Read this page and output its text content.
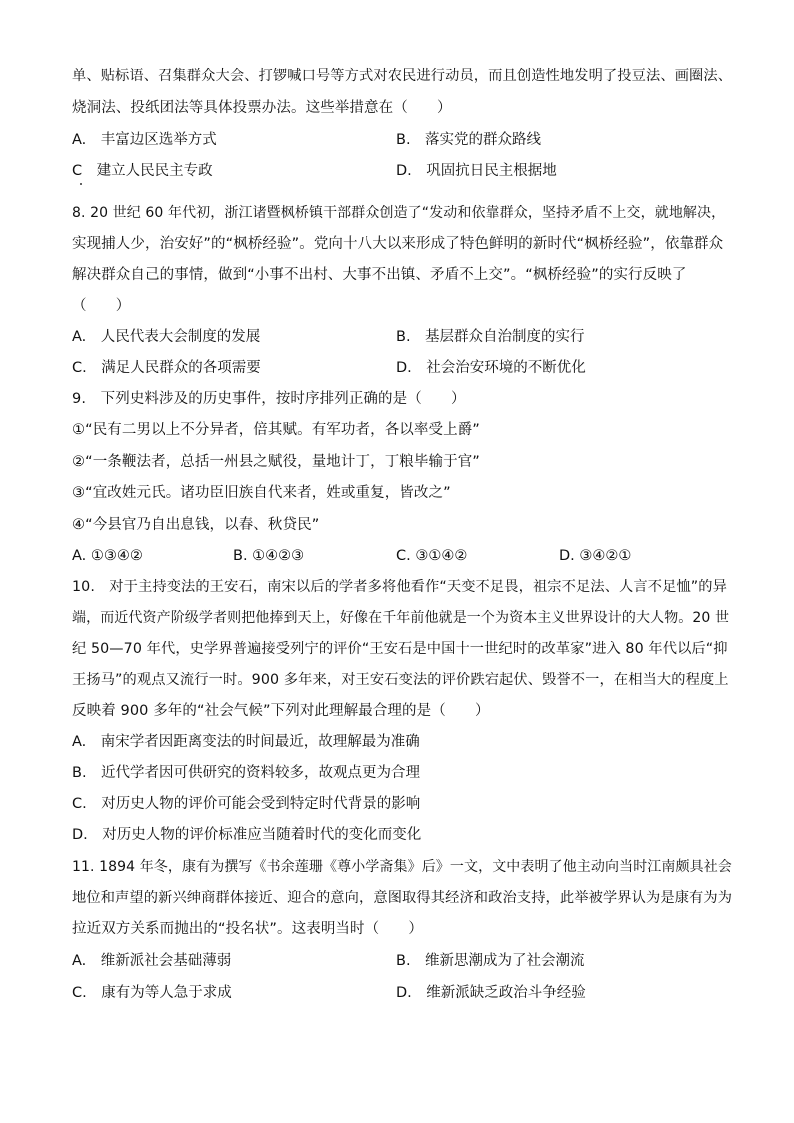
单、贴标语、召集群众大会、打锣喊口号等方式对农民进行动员，而且创造性地发明了投豆法、画圈法、
烧洞法、投纸团法等具体投票办法。这些举措意在（　　）
A.　丰富边区选举方式	B.　落实党的群众路线
C　建立人民民主专政	D.　巩固抗日民主根据地
8. 20 世纪 60 年代初，浙江诸暨枫桥镇干部群众创造了“发动和依靠群众，坚持矛盾不上交，就地解决，
实现捕人少，治安好”的“枫桥经验”。党向十八大以来形成了特色鲜明的新时代“枫桥经验”，依靠群众
解决群众自己的事情，做到“小事不出村、大事不出镇、矛盾不上交”。“枫桥经验”的实行反映了
（　　）
A.　人民代表大会制度的发展	B.　基层群众自治制度的实行
C.　满足人民群众的各项需要	D.　社会治安环境的不断优化
9.　下列史料涉及的历史事件，按时序排列正确的是（　　）
①“民有二男以上不分异者，倍其赋。有军功者，各以率受上爵”
②“一条鞭法者，总括一州县之赋役，量地计丁，丁粮毕输于官”
③“宜改姓元氏。诸功臣旧族自代来者，姓或重复，皆改之”
④“今县官乃自出息钱，以春、秋贷民”
A. ①③④②	B. ①④②③	C. ③①④②	D. ③④②①
10.　对于主持变法的王安石，南宋以后的学者多将他看作“天变不足畏，祖宗不足法、人言不足恤”的异
端，而近代资产阶级学者则把他捧到天上，好像在千年前他就是一个为资本主义世界设计的大人物。20 世
纪 50—70 年代，史学界普遍接受列宁的评价“王安石是中国十一世纪时的改革家”进入 80 年代以后“抑
王扬马”的观点又流行一时。900 多年来，对王安石变法的评价跌宕起伏、毁誉不一，在相当大的程度上
反映着 900 多年的“社会气候”下列对此理解最合理的是（　　）
A.　南宋学者因距离变法的时间最近，故理解最为准确
B.　近代学者因可供研究的资料较多，故观点更为合理
C.　对历史人物的评价可能会受到特定时代背景的影响
D.　对历史人物的评价标准应当随着时代的变化而变化
11. 1894 年冬，康有为撰写《书余莲珊《尊小学斋集》后》一文，文中表明了他主动向当时江南颇具社会
地位和声望的新兴绅商群体接近、迎合的意向，意图取得其经济和政治支持，此举被学界认为是康有为为
拉近双方关系而抛出的“投名状”。这表明当时（　　）
A.　维新派社会基础薄弱	B.　维新思潮成为了社会潮流
C.　康有为等人急于求成	D.　维新派缺乏政治斗争经验
